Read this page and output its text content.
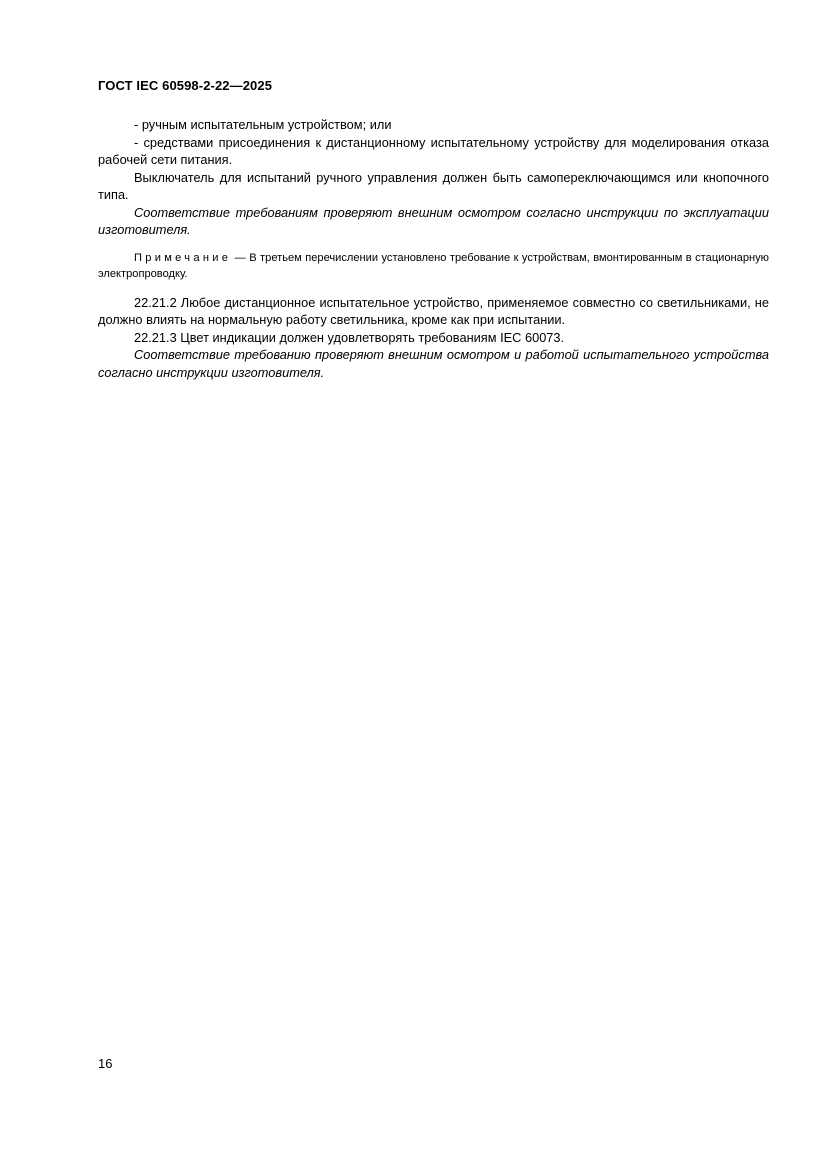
ГОСТ IEC 60598-2-22—2025

- ручным испытательным устройством; или

- средствами присоединения к дистанционному испытательному устройству для моделирования отказа рабочей сети питания.

Выключатель для испытаний ручного управления должен быть самопереключающимся или кнопочного типа.

Соответствие требованиям проверяют внешним осмотром согласно инструкции по эксплуатации изготовителя.

Примечание — В третьем перечислении установлено требование к устройствам, вмонтированным в стационарную электропроводку.

22.21.2 Любое дистанционное испытательное устройство, применяемое совместно со светильниками, не должно влиять на нормальную работу светильника, кроме как при испытании.

22.21.3 Цвет индикации должен удовлетворять требованиям IEC 60073.

Соответствие требованию проверяют внешним осмотром и работой испытательного устройства согласно инструкции изготовителя.

16
